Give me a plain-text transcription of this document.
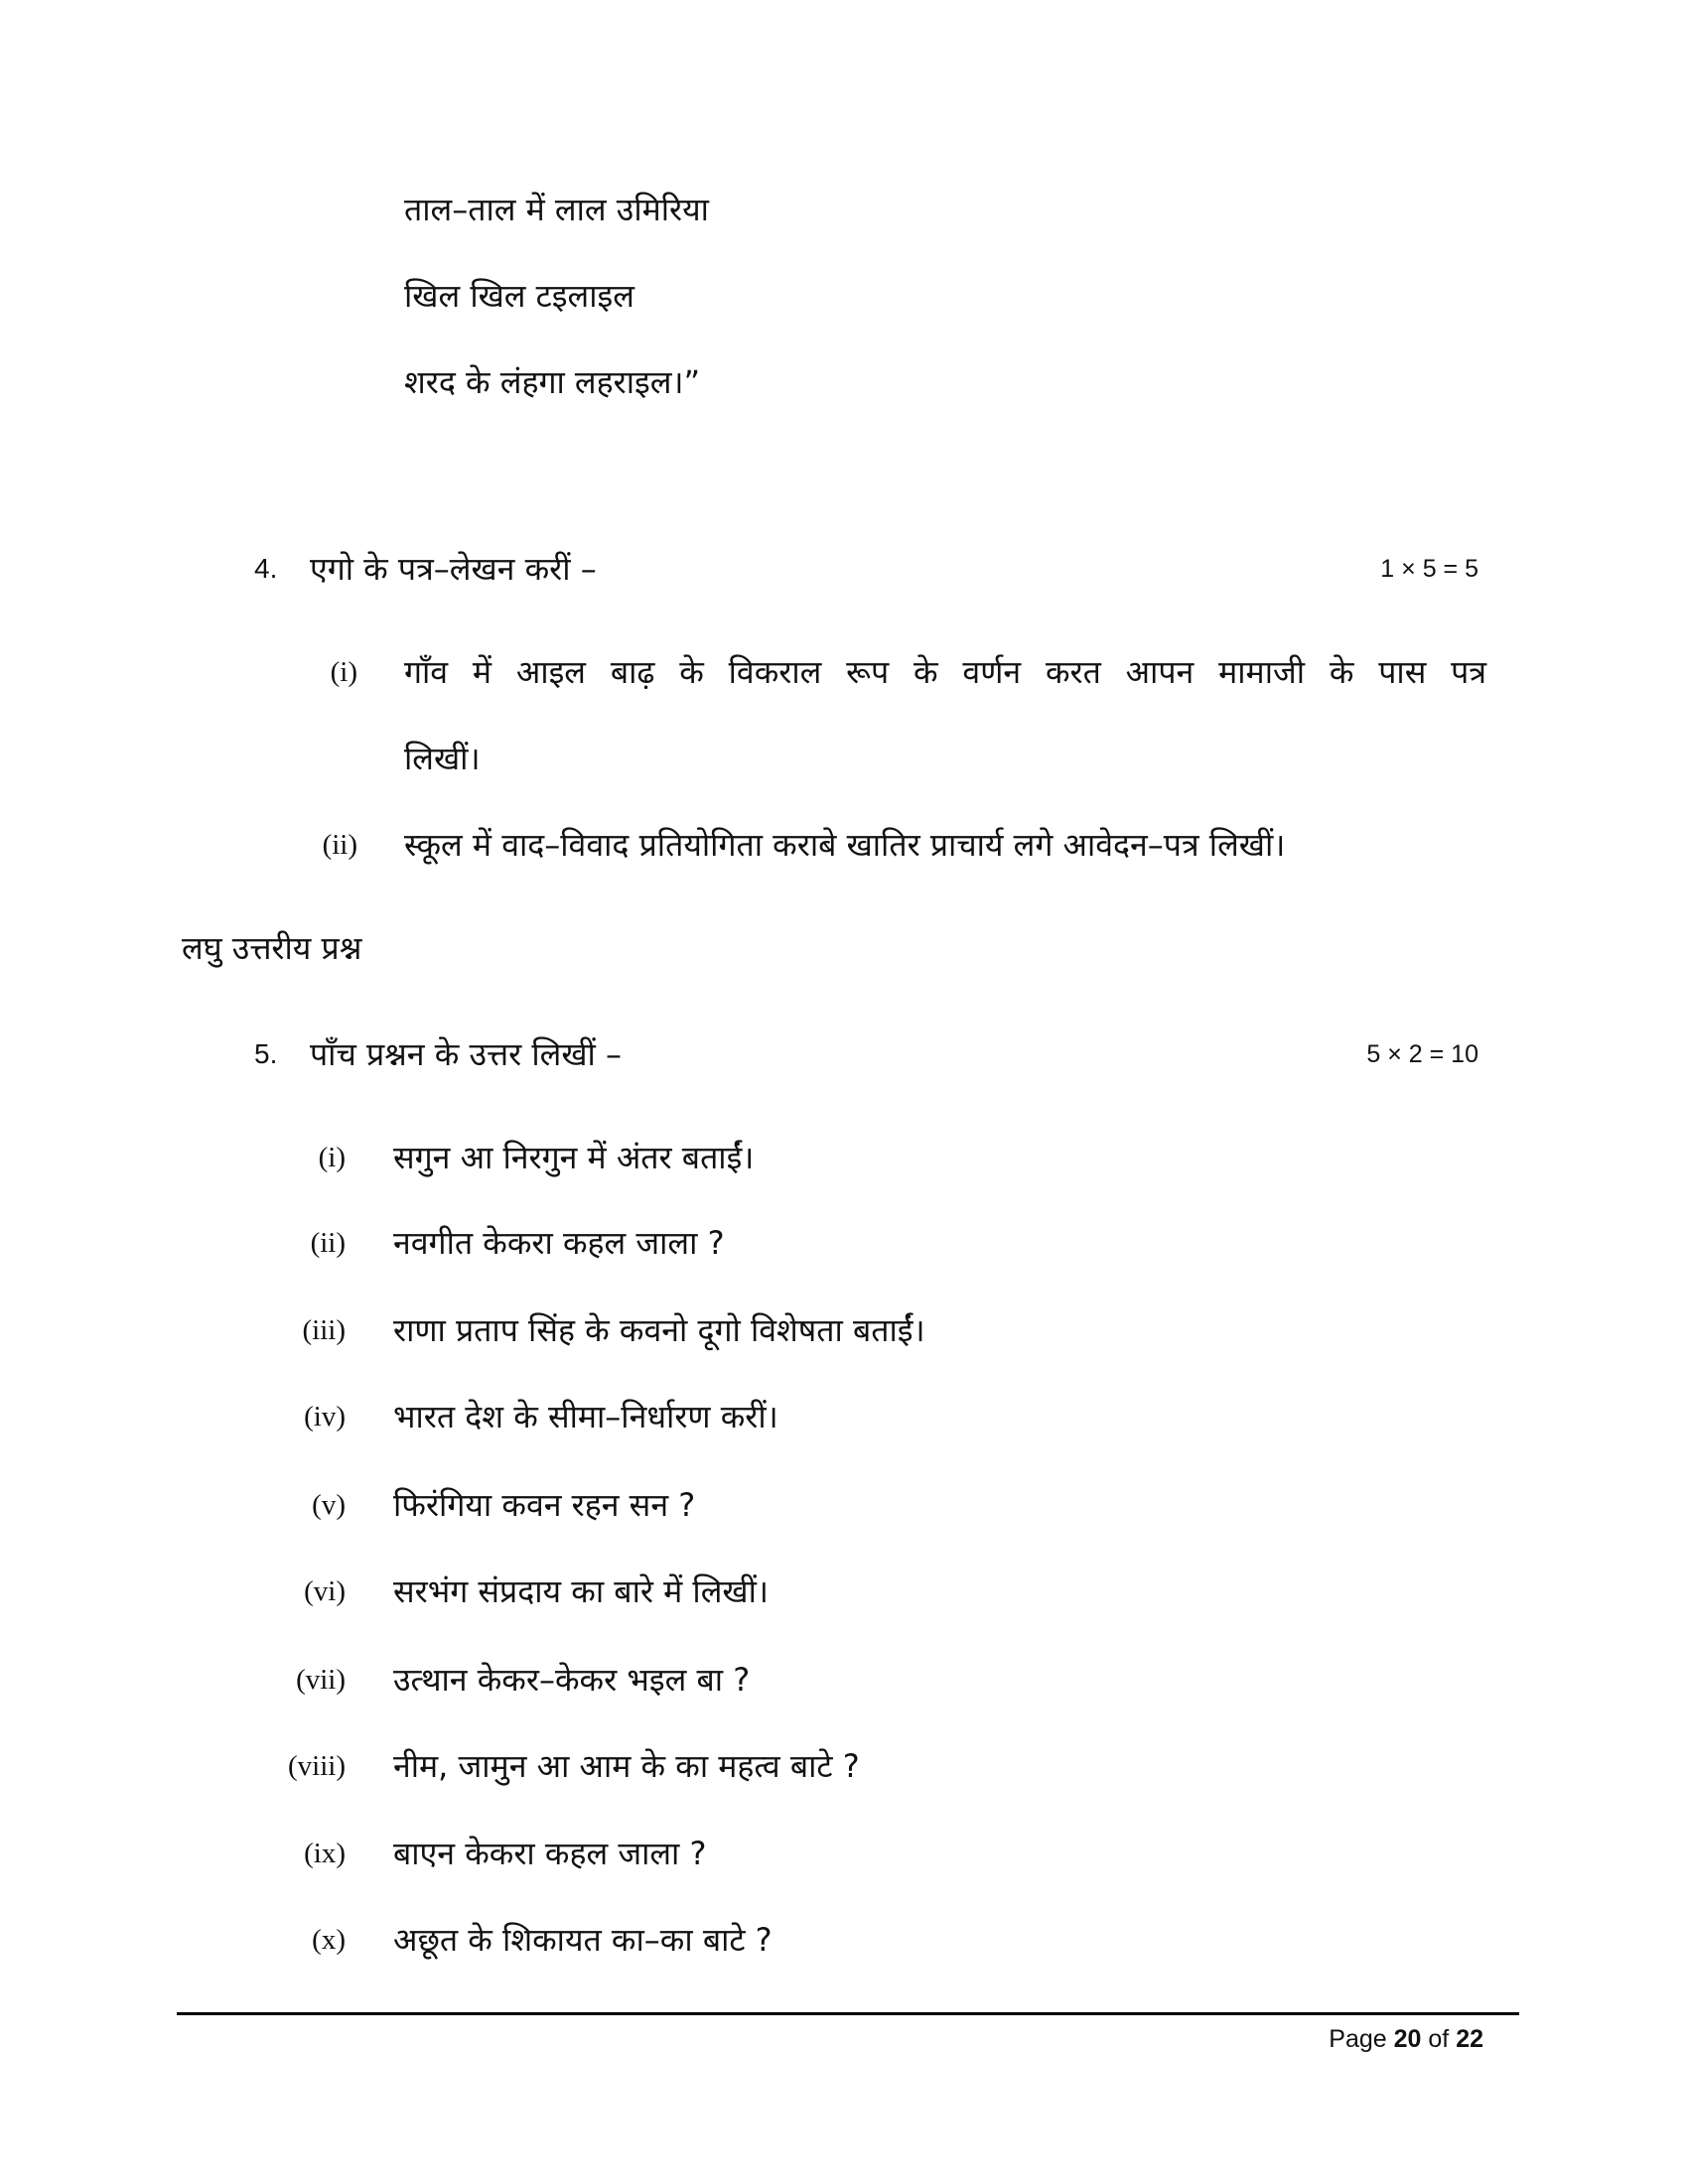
ताल–ताल में लाल उमिरिया
खिल खिल टइलाइल
शरद के लंहगा लहराइल।”
4. एगो के पत्र–लेखन करीं –	1 × 5 = 5
(i) गाँव में आइल बाढ़ के विकराल रूप के वर्णन करत आपन मामाजी के पास पत्र
लिखीं।
(ii) स्कूल में वाद–विवाद प्रतियोगिता कराबे खातिर प्राचार्य लगे आवेदन–पत्र लिखीं।
लघु उत्तरीय प्रश्न
5. पाँच प्रश्नन के उत्तर लिखीं –	5 × 2 = 10
(i) सगुन आ निरगुन में अंतर बताईं।
(ii) नवगीत केकरा कहल जाला ?
(iii) राणा प्रताप सिंह के कवनो दूगो विशेषता बताईं।
(iv) भारत देश के सीमा–निर्धारण करीं।
(v) फिरंगिया कवन रहन सन ?
(vi) सरभंग संप्रदाय का बारे में लिखीं।
(vii) उत्थान केकर–केकर भइल बा ?
(viii) नीम, जामुन आ आम के का महत्व बाटे ?
(ix) बाएन केकरा कहल जाला ?
(x) अछूत के शिकायत का–का बाटे ?
Page 20 of 22
